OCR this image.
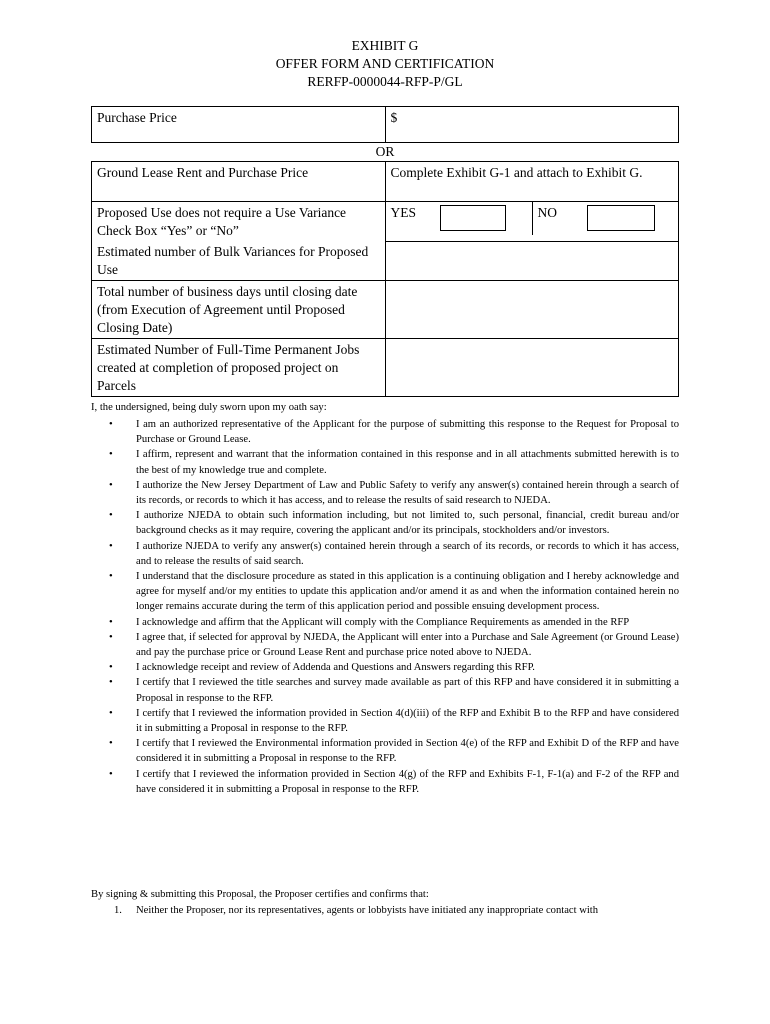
EXHIBIT G
OFFER FORM AND CERTIFICATION
RERFP-0000044-RFP-P/GL
Purchase Price	$
OR	
Ground Lease Rent and Purchase Price	Complete Exhibit G-1 and attach to Exhibit G.
Proposed Use does not require a Use Variance Check Box “Yes” or “No”	YES NO

Estimated number of Bulk Variances for Proposed Use	
Total number of business days until closing date (from Execution of Agreement until Proposed Closing Date)	
Estimated Number of Full-Time Permanent Jobs created at completion of proposed project on Parcels	
I, the undersigned, being duly sworn upon my oath say:
• I am an authorized representative of the Applicant for the purpose of submitting this response to the Request for Proposal to Purchase or Ground Lease.
• I affirm, represent and warrant that the information contained in this response and in all attachments submitted herewith is to the best of my knowledge true and complete.
• I authorize the New Jersey Department of Law and Public Safety to verify any answer(s) contained herein through a search of its records, or records to which it has access, and to release the results of said research to NJEDA.
• I authorize NJEDA to obtain such information including, but not limited to, such personal, financial, credit bureau and/or background checks as it may require, covering the applicant and/or its principals, stockholders and/or investors.
• I authorize NJEDA to verify any answer(s) contained herein through a search of its records, or records to which it has access, and to release the results of said search.
• I understand that the disclosure procedure as stated in this application is a continuing obligation and I hereby acknowledge and agree for myself and/or my entities to update this application and/or amend it as and when the information contained herein no longer remains accurate during the term of this application period and possible ensuing development process.
• I acknowledge and affirm that the Applicant will comply with the Compliance Requirements as amended in the RFP
• I agree that, if selected for approval by NJEDA, the Applicant will enter into a Purchase and Sale Agreement (or Ground Lease) and pay the purchase price or Ground Lease Rent and purchase price noted above to NJEDA.
• I acknowledge receipt and review of Addenda and Questions and Answers regarding this RFP.
• I certify that I reviewed the title searches and survey made available as part of this RFP and have considered it in submitting a Proposal in response to the RFP.
• I certify that I reviewed the information provided in Section 4(d)(iii) of the RFP and Exhibit B to the RFP and have considered it in submitting a Proposal in response to the RFP.
• I certify that I reviewed the Environmental information provided in Section 4(e) of the RFP and Exhibit D of the RFP and have considered it in submitting a Proposal in response to the RFP.
• I certify that I reviewed the information provided in Section 4(g) of the RFP and Exhibits F-1, F-1(a) and F-2 of the RFP and have considered it in submitting a Proposal in response to the RFP.
By signing & submitting this Proposal, the Proposer certifies and confirms that:
1. Neither the Proposer, nor its representatives, agents or lobbyists have initiated any inappropriate contact with
